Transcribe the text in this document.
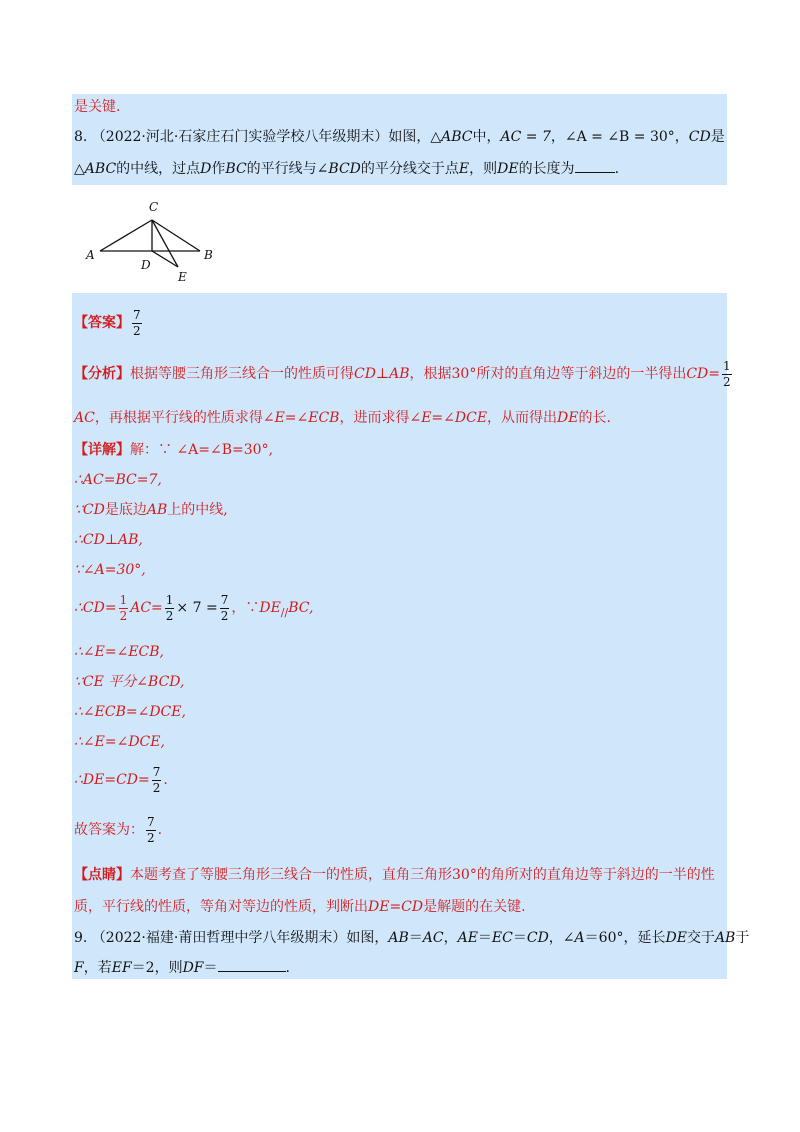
是关键.
8. （2022·河北·石家庄石门实验学校八年级期末）如图，△ABC中，AC = 7，∠A = ∠B = 30°，CD是
△ABC的中线，过点D作BC的平行线与∠BCD的平分线交于点E，则DE的长度为	.
C
A
D
B
E
【答案】 $\frac{7}{2}$
【分析】根据等腰三角形三线合一的性质可得CD⊥AB，根据30°所对的直角边等于斜边的一半得出$CD= \frac{1}{2}$
AC，再根据平行线的性质求得∠E=∠ECB，进而求得∠E=∠DCE，从而得出DE的长.
【详解】解：∵ ∠A=∠B=30°,
∴AC=BC=7,
∵CD是底边AB上的中线,
∴CD⊥AB,
∵∠A=30°,
∴CD= $\frac{1}{2} AC= \frac{1}{2} \times 7 = \frac{7}{2}$ ，$\because DE_{//}BC$,
∴∠E=∠ECB,
∵CE 平分∠BCD,
∴∠ECB=∠DCE,
∴∠E=∠DCE,
∴DE=CD= $\frac{7}{2}$ .
故答案为： $\frac{7}{2}$ .
【点睛】本题考查了等腰三角形三线合一的性质，直角三角形30°的角所对的直角边等于斜边的一半的性
质，平行线的性质，等角对等边的性质，判断出DE=CD是解题的在关键.
9. （2022·福建·莆田哲理中学八年级期末）如图，AB＝AC，AE＝EC＝CD，∠A＝60°，延长DE交于AB于
F，若EF＝2，则DF＝	.
